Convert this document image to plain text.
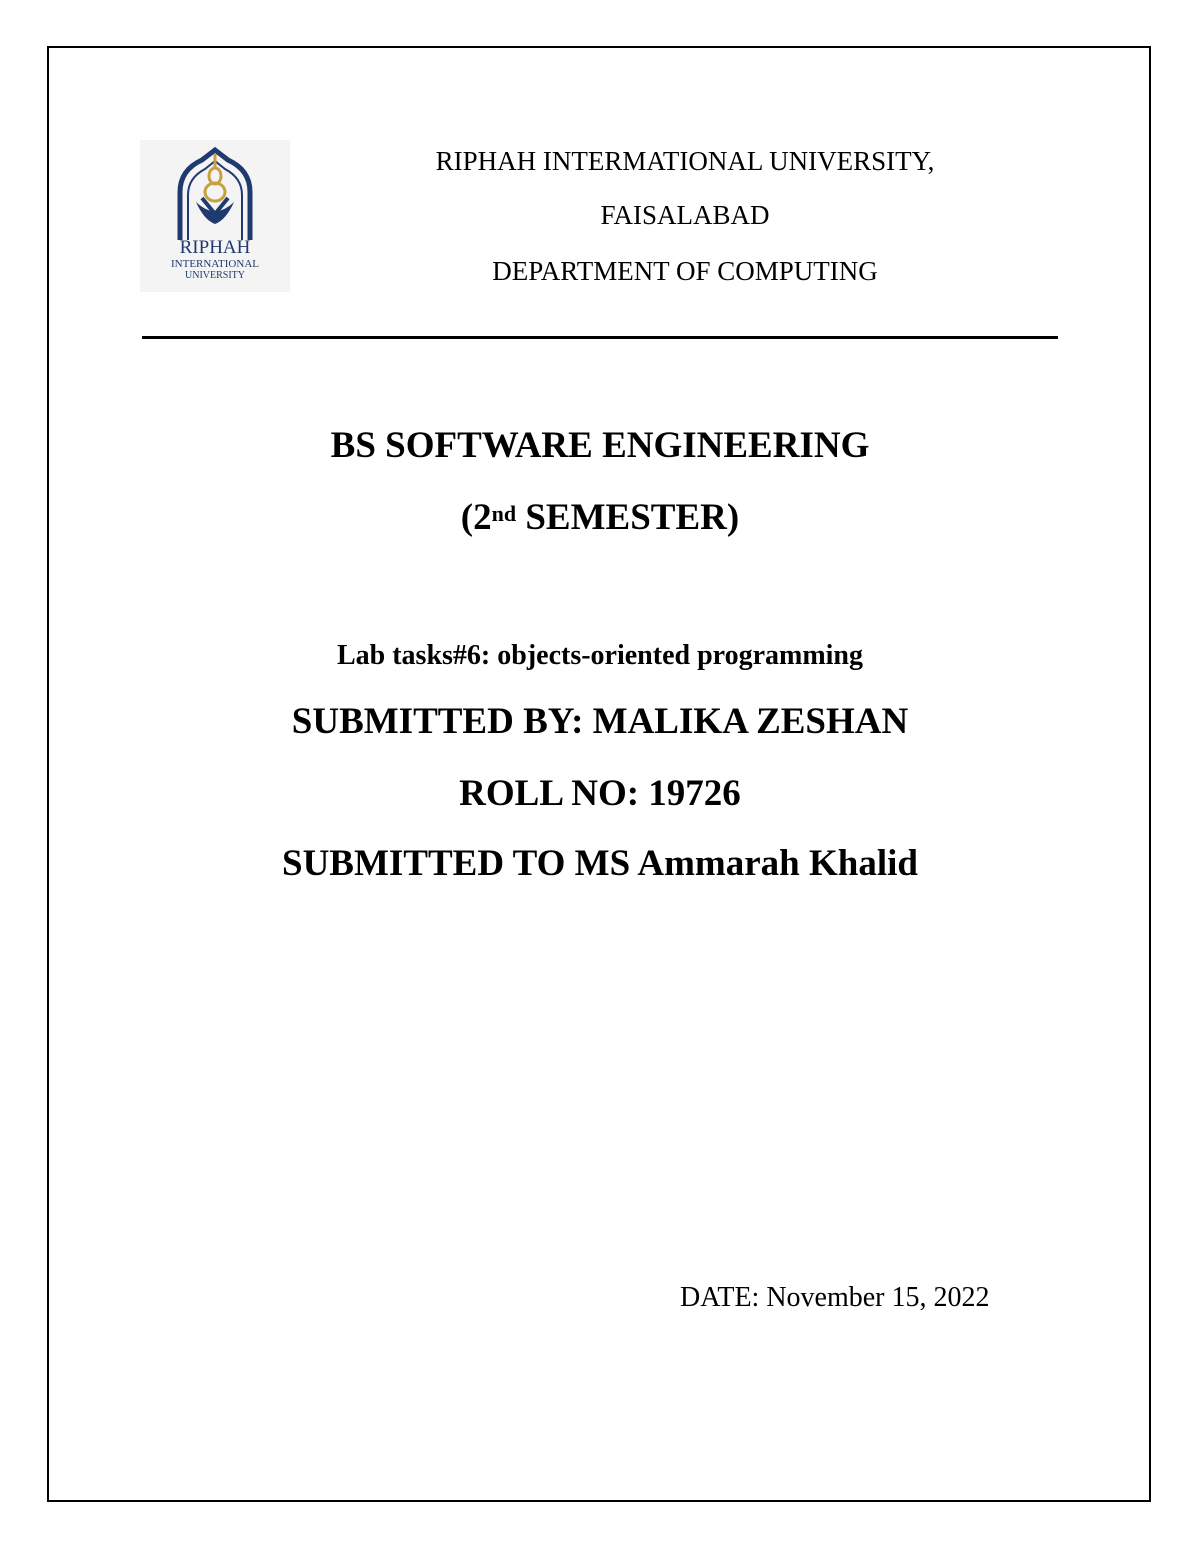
RIPHAH
INTERNATIONAL
UNIVERSITY
RIPHAH INTERMATIONAL UNIVERSITY,
FAISALABAD
DEPARTMENT OF COMPUTING
BS SOFTWARE ENGINEERING
(2nd SEMESTER)
Lab tasks#6: objects-oriented programming
SUBMITTED BY: MALIKA ZESHAN
ROLL NO: 19726
SUBMITTED TO MS Ammarah Khalid
DATE: November 15, 2022
